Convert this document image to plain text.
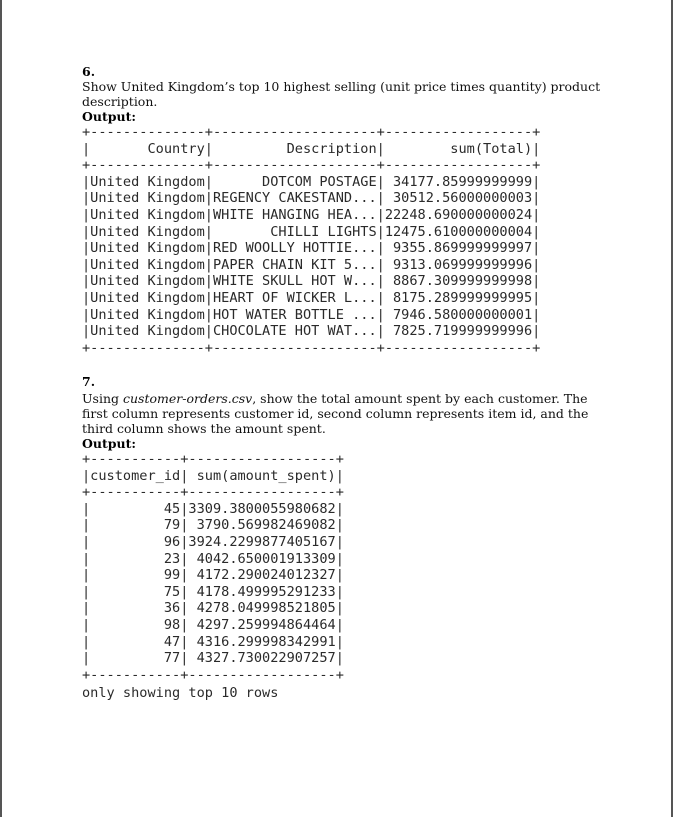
6.
Show United Kingdom’s top 10 highest selling (unit price times quantity) product description.
Output:
+--------------+--------------------+------------------+
|       Country|         Description|        sum(Total)|
+--------------+--------------------+------------------+
|United Kingdom|      DOTCOM POSTAGE| 34177.85999999999|
|United Kingdom|REGENCY CAKESTAND...| 30512.56000000003|
|United Kingdom|WHITE HANGING HEA...|22248.690000000024|
|United Kingdom|       CHILLI LIGHTS|12475.610000000004|
|United Kingdom|RED WOOLLY HOTTIE...| 9355.869999999997|
|United Kingdom|PAPER CHAIN KIT 5...| 9313.069999999996|
|United Kingdom|WHITE SKULL HOT W...| 8867.309999999998|
|United Kingdom|HEART OF WICKER L...| 8175.289999999995|
|United Kingdom|HOT WATER BOTTLE ...| 7946.580000000001|
|United Kingdom|CHOCOLATE HOT WAT...| 7825.719999999996|
+--------------+--------------------+------------------+
7.
Using customer-orders.csv, show the total amount spent by each customer. The first column represents customer id, second column represents item id, and the third column shows the amount spent.
Output:
+-----------+------------------+
|customer_id| sum(amount_spent)|
+-----------+------------------+
|         45|3309.3800055980682|
|         79| 3790.569982469082|
|         96|3924.2299877405167|
|         23| 4042.650001913309|
|         99| 4172.290024012327|
|         75| 4178.499995291233|
|         36| 4278.049998521805|
|         98| 4297.259994864464|
|         47| 4316.299998342991|
|         77| 4327.730022907257|
+-----------+------------------+
only showing top 10 rows
